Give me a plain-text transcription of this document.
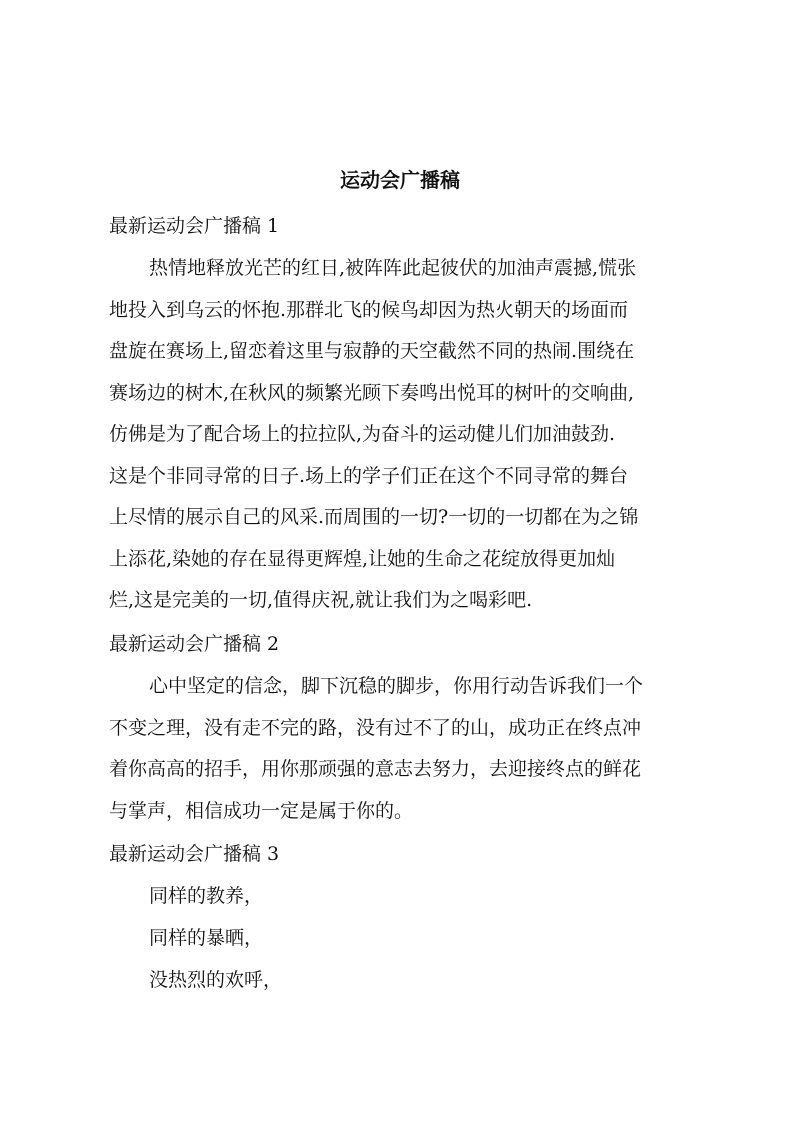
运动会广播稿
最新运动会广播稿 1
热情地释放光芒的红日,被阵阵此起彼伏的加油声震撼,慌张
地投入到乌云的怀抱.那群北飞的候鸟却因为热火朝天的场面而
盘旋在赛场上,留恋着这里与寂静的天空截然不同的热闹.围绕在
赛场边的树木,在秋风的频繁光顾下奏鸣出悦耳的树叶的交响曲,
仿佛是为了配合场上的拉拉队,为奋斗的运动健儿们加油鼓劲.
这是个非同寻常的日子.场上的学子们正在这个不同寻常的舞台
上尽情的展示自己的风采.而周围的一切?一切的一切都在为之锦
上添花,染她的存在显得更辉煌,让她的生命之花绽放得更加灿
烂,这是完美的一切,值得庆祝,就让我们为之喝彩吧.
最新运动会广播稿 2
心中坚定的信念，脚下沉稳的脚步，你用行动告诉我们一个
不变之理，没有走不完的路，没有过不了的山，成功正在终点冲
着你高高的招手，用你那顽强的意志去努力，去迎接终点的鲜花
与掌声，相信成功一定是属于你的。
最新运动会广播稿 3
同样的教养，
同样的暴晒，
没热烈的欢呼，
